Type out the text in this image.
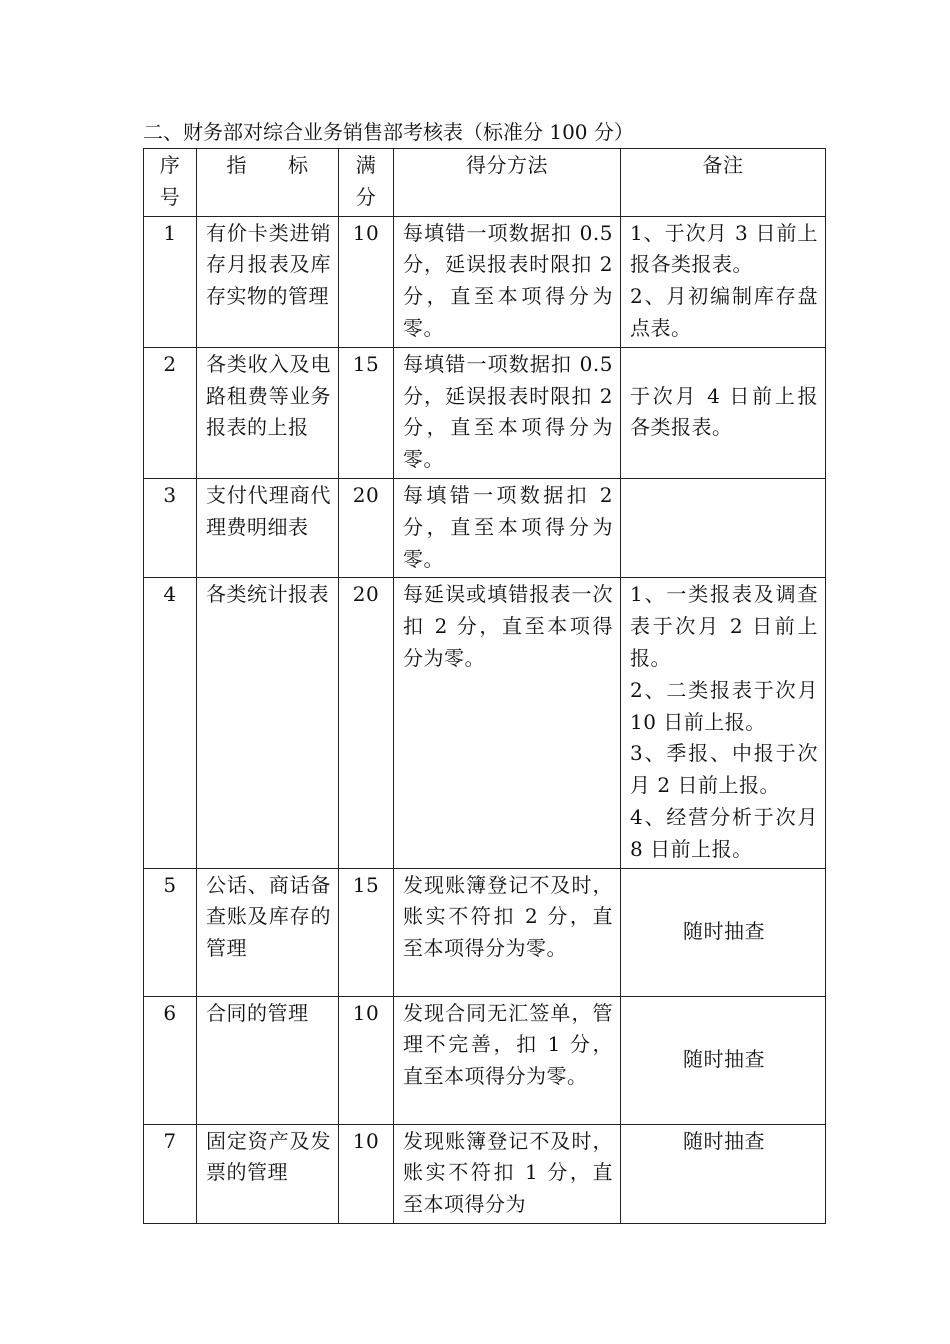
二、财务部对综合业务销售部考核表（标准分 100 分）
序
号	指　　标	满
分	得分方法	备注
1	有价卡类进销存月报表及库存实物的管理	10	每填错一项数据扣 0.5 分，延误报表时限扣 2 分，直至本项得分为零。	1、于次月 3 日前上报各类报表。
2、月初编制库存盘点表。

2	各类收入及电路租费等业务报表的上报	15	每填错一项数据扣 0.5 分，延误报表时限扣 2 分，直至本项得分为零。	于次月 4 日前上报各类报表。

3	支付代理商代理费明细表	20	每填错一项数据扣 2 分，直至本项得分为零。	
4	各类统计报表	20	每延误或填错报表一次扣 2 分，直至本项得分为零。	1、一类报表及调查表于次月 2 日前上报。
2、二类报表于次月 10 日前上报。
3、季报、中报于次月 2 日前上报。
4、经营分析于次月 8 日前上报。

5	公话、商话备查账及库存的管理	15	发现账簿登记不及时，账实不符扣 2 分，直至本项得分为零。	随时抽查
6	合同的管理	10	发现合同无汇签单，管理不完善，扣 1 分，直至本项得分为零。	随时抽查
7	固定资产及发票的管理	10	发现账簿登记不及时，账实不符扣 1 分，直至本项得分为	随时抽查
